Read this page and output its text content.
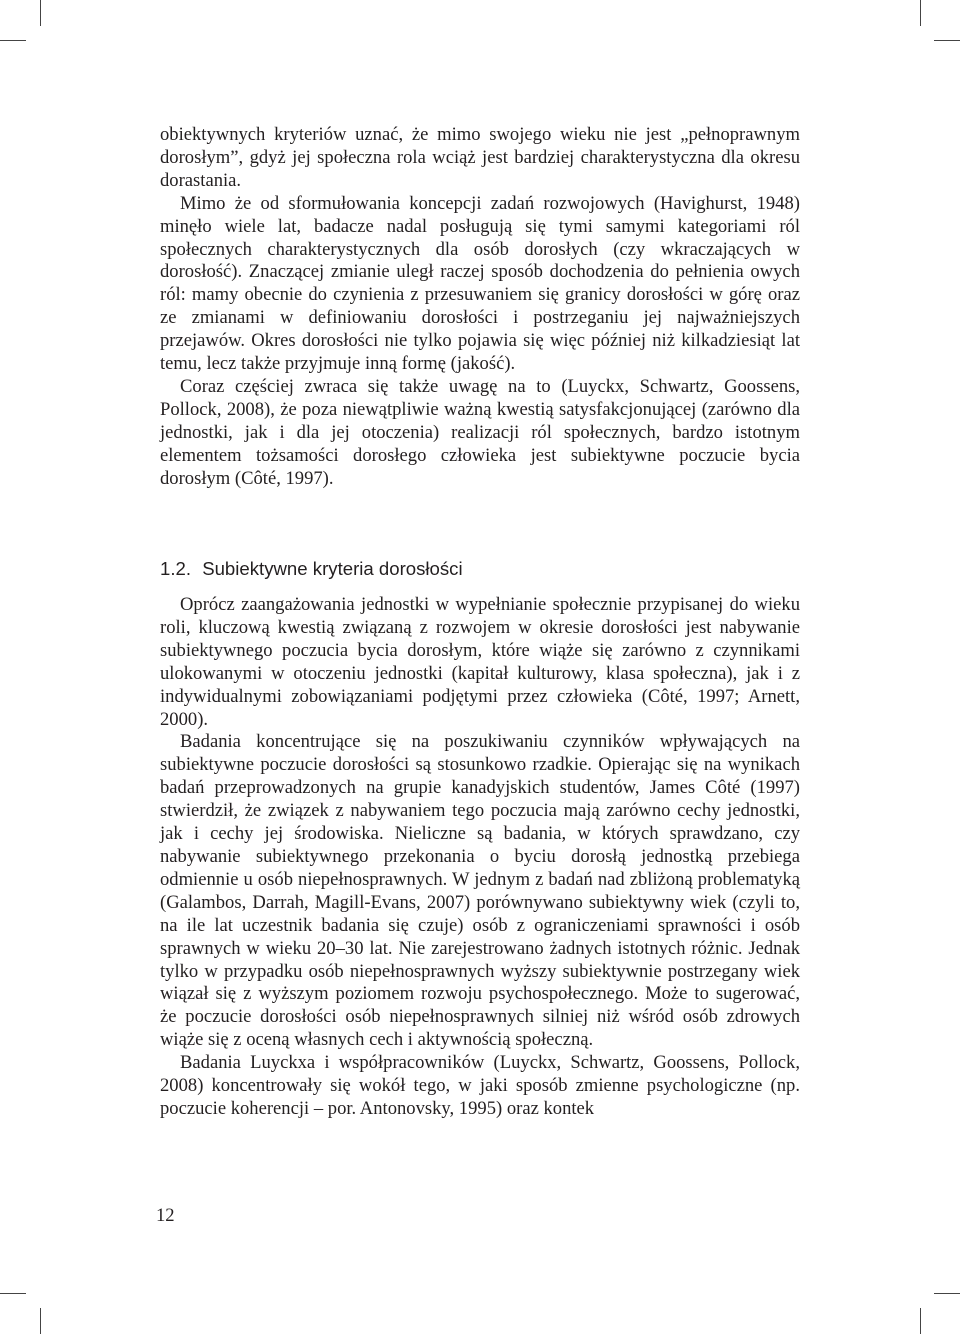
obiektywnych kryteriów uznać, że mimo swojego wieku nie jest „pełnoprawnym dorosłym”, gdyż jej społeczna rola wciąż jest bardziej charakterystyczna dla okresu dorastania.

Mimo że od sformułowania koncepcji zadań rozwojowych (Havighurst, 1948) minęło wiele lat, badacze nadal posługują się tymi samymi kategoriami ról społecznych charakterystycznych dla osób dorosłych (czy wkraczających w dorosłość). Znaczącej zmianie uległ raczej sposób dochodzenia do pełnienia owych ról: mamy obecnie do czynienia z przesuwaniem się granicy dorosłości w górę oraz ze zmianami w definiowaniu dorosłości i postrzeganiu jej najważniejszych przejawów. Okres dorosłości nie tylko pojawia się więc później niż kilkadziesiąt lat temu, lecz także przyjmuje inną formę (jakość).

Coraz częściej zwraca się także uwagę na to (Luyckx, Schwartz, Goossens, Pollock, 2008), że poza niewątpliwie ważną kwestią satysfakcjonującej (zarówno dla jednostki, jak i dla jej otoczenia) realizacji ról społecznych, bardzo istotnym elementem tożsamości dorosłego człowieka jest subiektywne poczucie bycia dorosłym (Côté, 1997).

1.2. Subiektywne kryteria dorosłości

Oprócz zaangażowania jednostki w wypełnianie społecznie przypisanej do wieku roli, kluczową kwestią związaną z rozwojem w okresie dorosłości jest nabywanie subiektywnego poczucia bycia dorosłym, które wiąże się zarówno z czynnikami ulokowanymi w otoczeniu jednostki (kapitał kulturowy, klasa społeczna), jak i z indywidualnymi zobowiązaniami podjętymi przez człowieka (Côté, 1997; Arnett, 2000).

Badania koncentrujące się na poszukiwaniu czynników wpływających na subiektywne poczucie dorosłości są stosunkowo rzadkie. Opierając się na wynikach badań przeprowadzonych na grupie kanadyjskich studentów, James Côté (1997) stwierdził, że związek z nabywaniem tego poczucia mają zarówno cechy jednostki, jak i cechy jej środowiska. Nieliczne są badania, w których sprawdzano, czy nabywanie subiektywnego przekonania o byciu dorosłą jednostką przebiega odmiennie u osób niepełnosprawnych. W jednym z badań nad zbliżoną problematyką (Galambos, Darrah, Magill-Evans, 2007) porównywano subiektywny wiek (czyli to, na ile lat uczestnik badania się czuje) osób z ograniczeniami sprawności i osób sprawnych w wieku 20–30 lat. Nie zarejestrowano żadnych istotnych różnic. Jednak tylko w przypadku osób niepełnosprawnych wyższy subiektywnie postrzegany wiek wiązał się z wyższym poziomem rozwoju psychospołecznego. Może to sugerować, że poczucie dorosłości osób niepełnosprawnych silniej niż wśród osób zdrowych wiąże się z oceną własnych cech i aktywnością społeczną.

Badania Luyckxa i współpracowników (Luyckx, Schwartz, Goossens, Pollock, 2008) koncentrowały się wokół tego, w jaki sposób zmienne psychologiczne (np. poczucie koherencji – por. Antonovsky, 1995) oraz kontek

12
